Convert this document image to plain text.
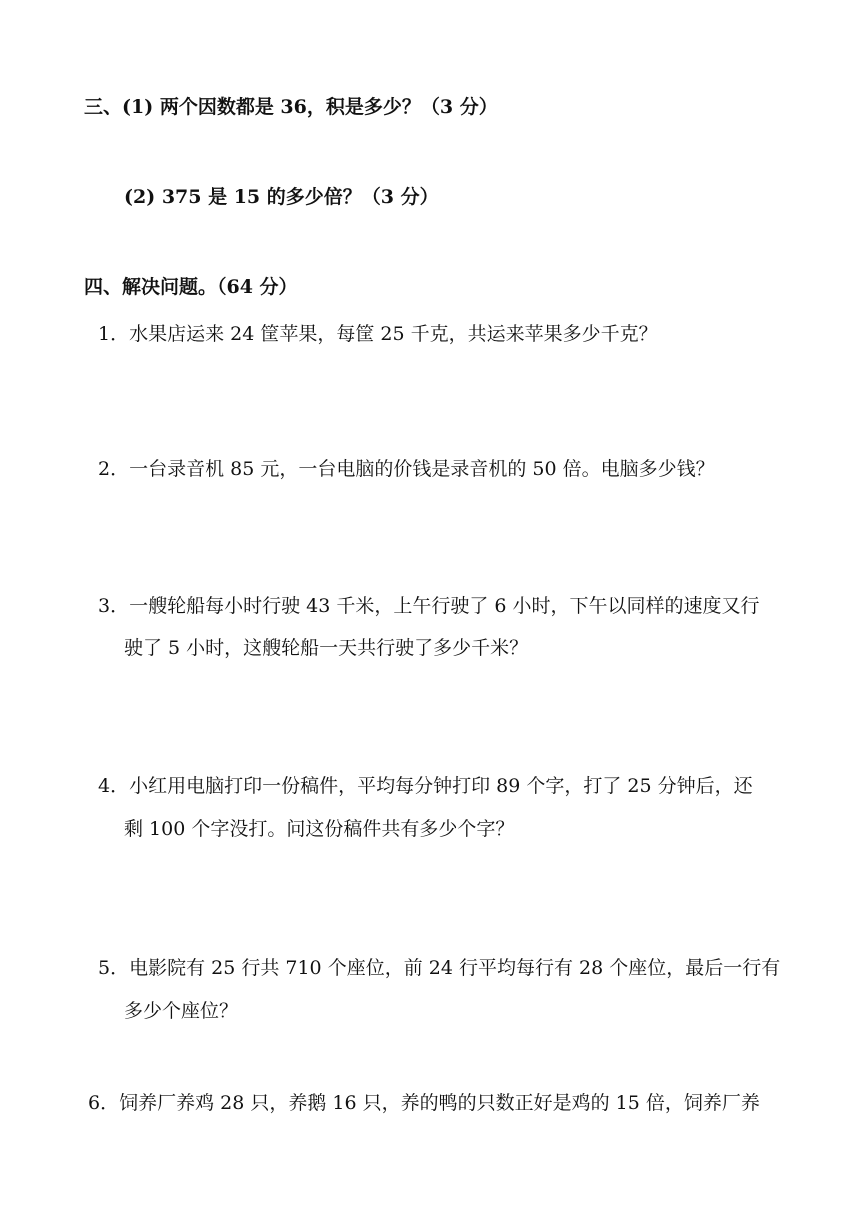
三、(1) 两个因数都是 36，积是多少？（3 分）
(2) 375 是 15 的多少倍？（3 分）
四、解决问题。（64 分）
1．水果店运来 24 筐苹果，每筐 25 千克，共运来苹果多少千克？
2．一台录音机 85 元，一台电脑的价钱是录音机的 50 倍。电脑多少钱？
3．一艘轮船每小时行驶 43 千米，上午行驶了 6 小时，下午以同样的速度又行
驶了 5 小时，这艘轮船一天共行驶了多少千米？
4．小红用电脑打印一份稿件，平均每分钟打印 89 个字，打了 25 分钟后，还
剩 100 个字没打。问这份稿件共有多少个字？
5．电影院有 25 行共 710 个座位，前 24 行平均每行有 28 个座位，最后一行有
多少个座位？
6．饲养厂养鸡 28 只，养鹅 16 只，养的鸭的只数正好是鸡的 15 倍，饲养厂养
